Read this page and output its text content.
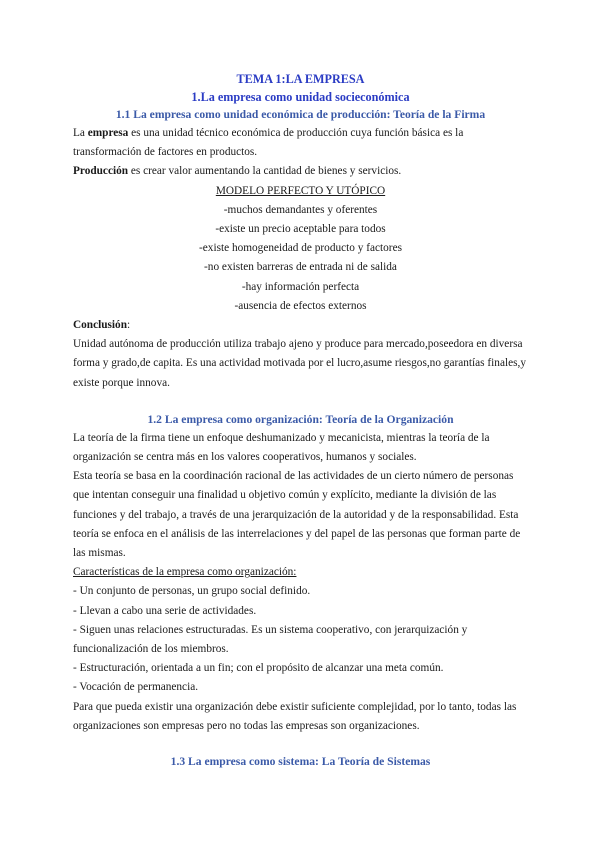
TEMA 1:LA EMPRESA

1.La empresa como unidad socieconómica

1.1 La empresa como unidad económica de producción: Teoría de la Firma

La empresa es una unidad técnico económica de producción cuya función básica es la transformación de factores en productos.

Producción es crear valor aumentando la cantidad de bienes y servicios.

MODELO PERFECTO Y UTÓPICO

-muchos demandantes y oferentes

-existe un precio aceptable para todos

-existe homogeneidad de producto y factores

-no existen barreras de entrada ni de salida

-hay información perfecta

-ausencia de efectos externos

Conclusión:

Unidad autónoma de producción utiliza trabajo ajeno y produce para mercado,poseedora en diversa forma y grado,de capita. Es una actividad motivada por el lucro,asume riesgos,no garantías finales,y existe porque innova.

1.2 La empresa como organización: Teoría de la Organización

La teoría de la firma tiene un enfoque deshumanizado y mecanicista, mientras la teoría de la organización se centra más en los valores cooperativos, humanos y sociales.

Esta teoría se basa en la coordinación racional de las actividades de un cierto número de personas que intentan conseguir una finalidad u objetivo común y explícito, mediante la división de las funciones y del trabajo, a través de una jerarquización de la autoridad y de la responsabilidad. Esta teoría se enfoca en el análisis de las interrelaciones y del papel de las personas que forman parte de las mismas.

Características de la empresa como organización:

- Un conjunto de personas, un grupo social definido.

- Llevan a cabo una serie de actividades.

- Siguen unas relaciones estructuradas. Es un sistema cooperativo, con jerarquización y funcionalización de los miembros.

- Estructuración, orientada a un fin; con el propósito de alcanzar una meta común.

- Vocación de permanencia.

Para que pueda existir una organización debe existir suficiente complejidad, por lo tanto, todas las organizaciones son empresas pero no todas las empresas son organizaciones.

1.3 La empresa como sistema: La Teoría de Sistemas
